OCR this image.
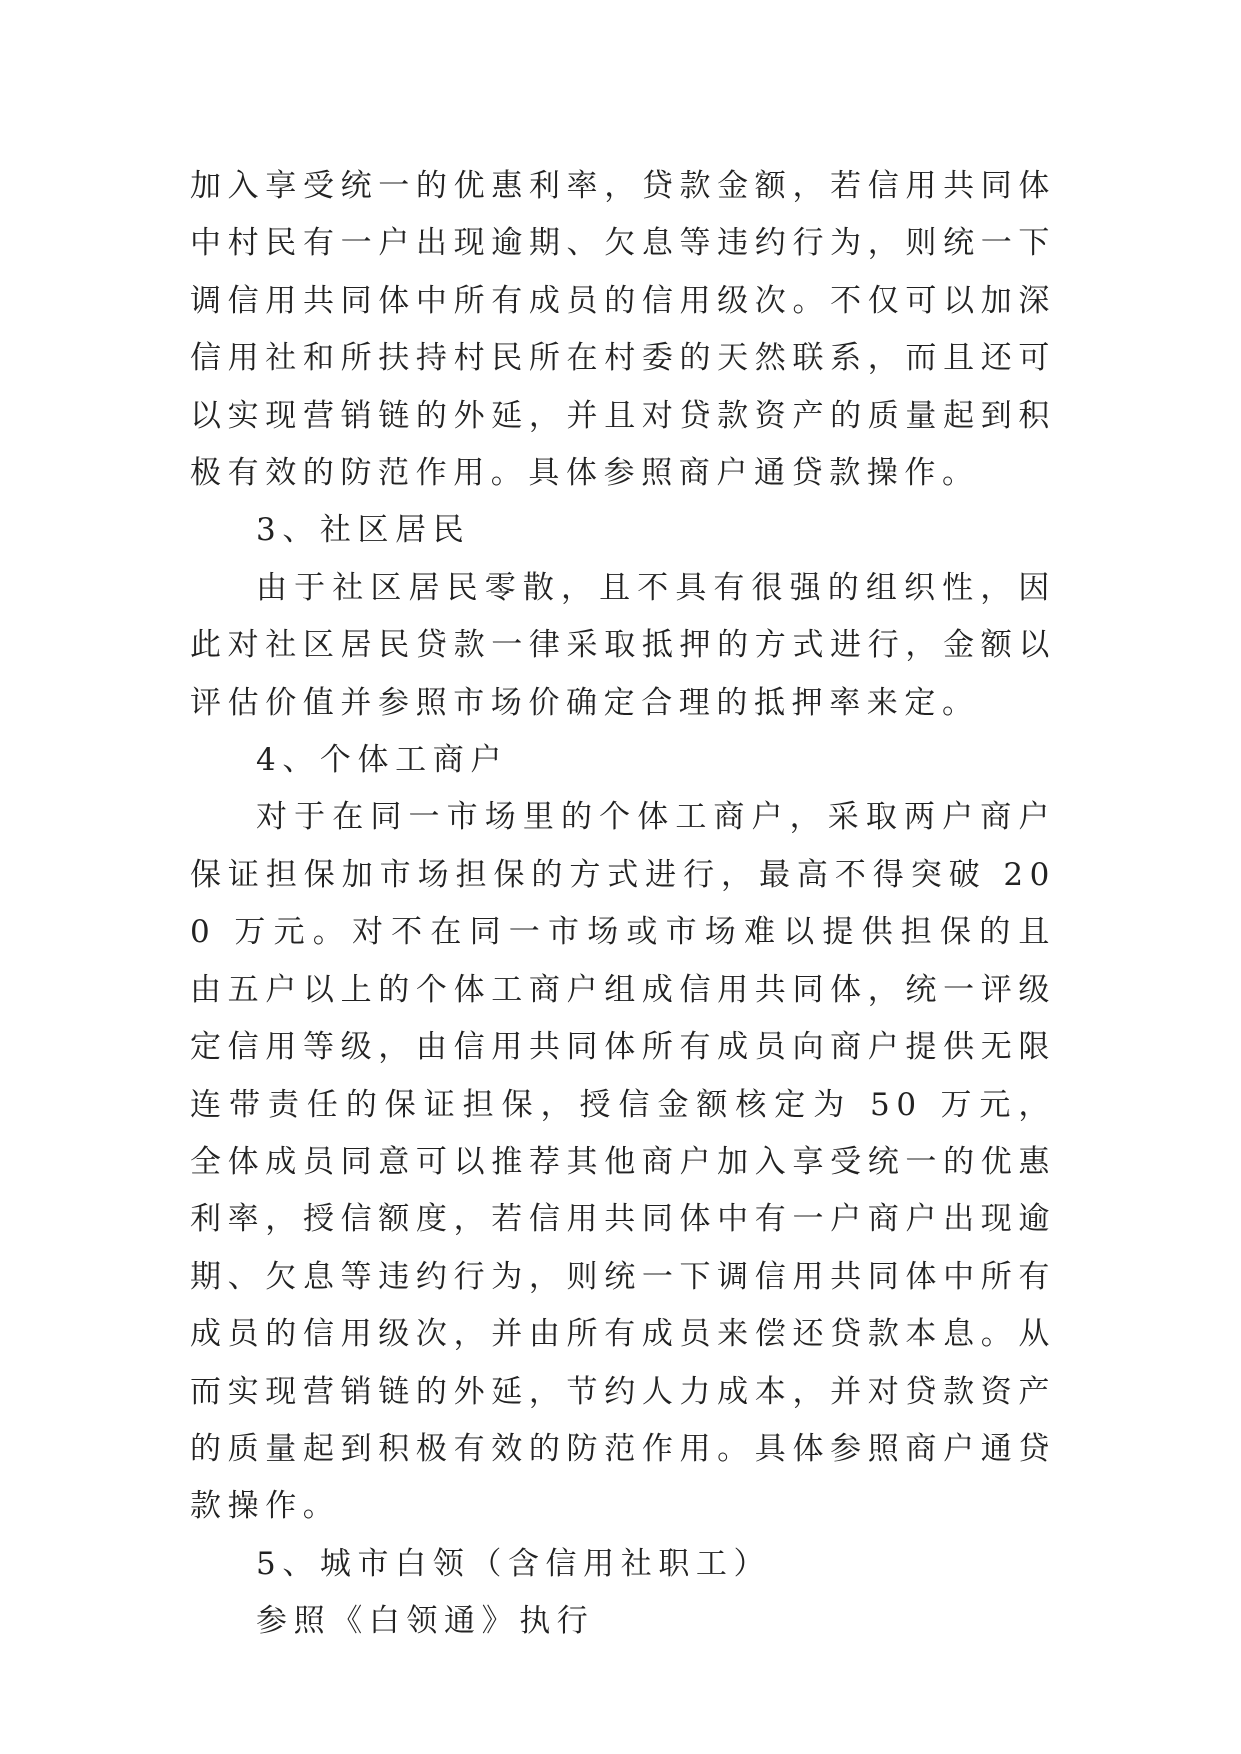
加入享受统一的优惠利率，贷款金额，若信用共同体中村民有一户出现逾期、欠息等违约行为，则统一下调信用共同体中所有成员的信用级次。不仅可以加深信用社和所扶持村民所在村委的天然联系，而且还可以实现营销链的外延，并且对贷款资产的质量起到积极有效的防范作用。具体参照商户通贷款操作。

3、社区居民

由于社区居民零散，且不具有很强的组织性，因此对社区居民贷款一律采取抵押的方式进行，金额以评估价值并参照市场价确定合理的抵押率来定。

4、个体工商户

对于在同一市场里的个体工商户，采取两户商户保证担保加市场担保的方式进行，最高不得突破 200 万元。对不在同一市场或市场难以提供担保的且由五户以上的个体工商户组成信用共同体，统一评级定信用等级，由信用共同体所有成员向商户提供无限连带责任的保证担保，授信金额核定为 50 万元，全体成员同意可以推荐其他商户加入享受统一的优惠利率，授信额度，若信用共同体中有一户商户出现逾期、欠息等违约行为，则统一下调信用共同体中所有成员的信用级次，并由所有成员来偿还贷款本息。从而实现营销链的外延，节约人力成本，并对贷款资产的质量起到积极有效的防范作用。具体参照商户通贷款操作。

5、城市白领（含信用社职工）

参照《白领通》执行
